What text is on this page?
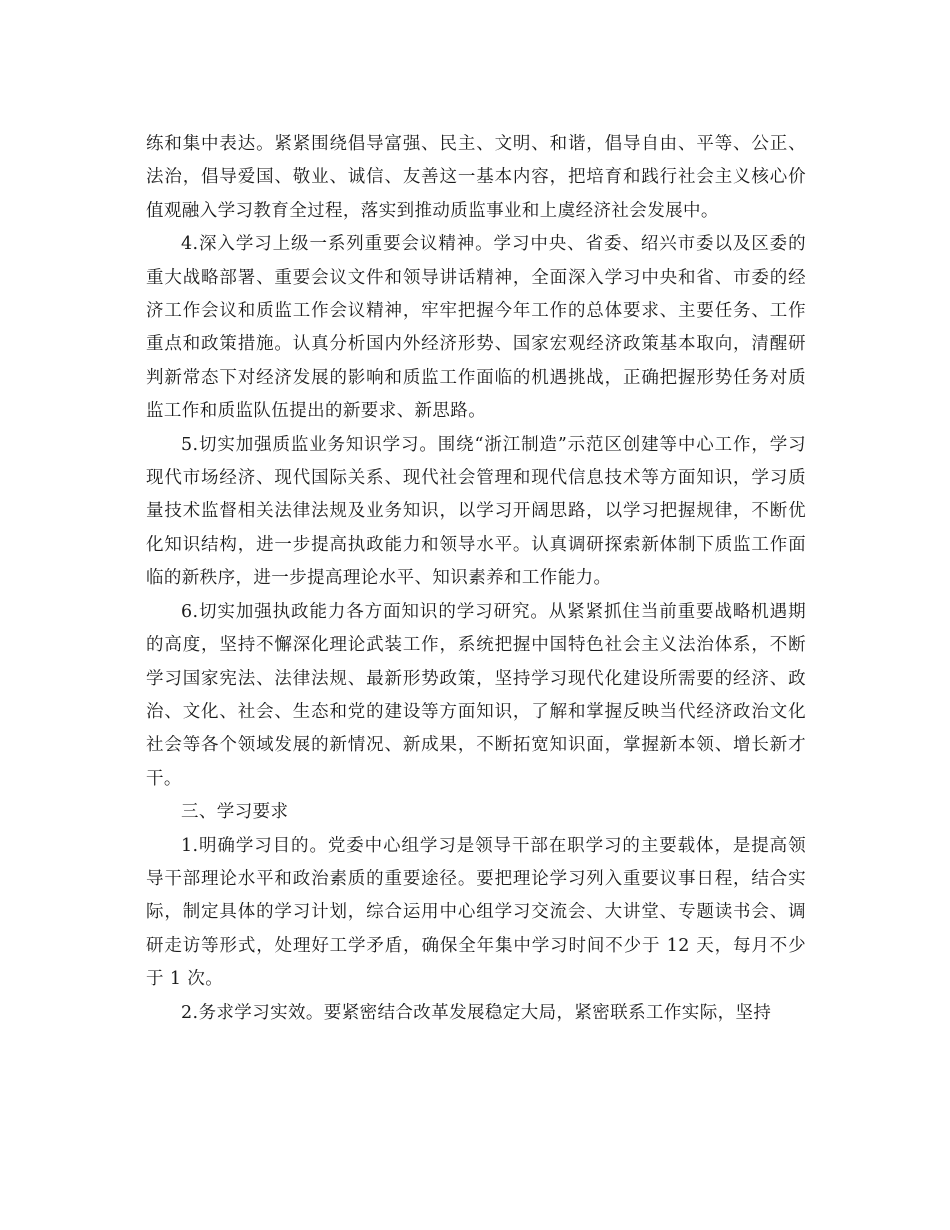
练和集中表达。紧紧围绕倡导富强、民主、文明、和谐，倡导自由、平等、公正、法治，倡导爱国、敬业、诚信、友善这一基本内容，把培育和践行社会主义核心价值观融入学习教育全过程，落实到推动质监事业和上虞经济社会发展中。

4.深入学习上级一系列重要会议精神。学习中央、省委、绍兴市委以及区委的重大战略部署、重要会议文件和领导讲话精神，全面深入学习中央和省、市委的经济工作会议和质监工作会议精神，牢牢把握今年工作的总体要求、主要任务、工作重点和政策措施。认真分析国内外经济形势、国家宏观经济政策基本取向，清醒研判新常态下对经济发展的影响和质监工作面临的机遇挑战，正确把握形势任务对质监工作和质监队伍提出的新要求、新思路。

5.切实加强质监业务知识学习。围绕“浙江制造”示范区创建等中心工作，学习现代市场经济、现代国际关系、现代社会管理和现代信息技术等方面知识，学习质量技术监督相关法律法规及业务知识，以学习开阔思路，以学习把握规律，不断优化知识结构，进一步提高执政能力和领导水平。认真调研探索新体制下质监工作面临的新秩序，进一步提高理论水平、知识素养和工作能力。

6.切实加强执政能力各方面知识的学习研究。从紧紧抓住当前重要战略机遇期的高度，坚持不懈深化理论武装工作，系统把握中国特色社会主义法治体系，不断学习国家宪法、法律法规、最新形势政策，坚持学习现代化建设所需要的经济、政治、文化、社会、生态和党的建设等方面知识，了解和掌握反映当代经济政治文化社会等各个领域发展的新情况、新成果，不断拓宽知识面，掌握新本领、增长新才干。

三、学习要求

1.明确学习目的。党委中心组学习是领导干部在职学习的主要载体，是提高领导干部理论水平和政治素质的重要途径。要把理论学习列入重要议事日程，结合实际，制定具体的学习计划，综合运用中心组学习交流会、大讲堂、专题读书会、调研走访等形式，处理好工学矛盾，确保全年集中学习时间不少于 12 天，每月不少于 1 次。

2.务求学习实效。要紧密结合改革发展稳定大局，紧密联系工作实际，坚持
